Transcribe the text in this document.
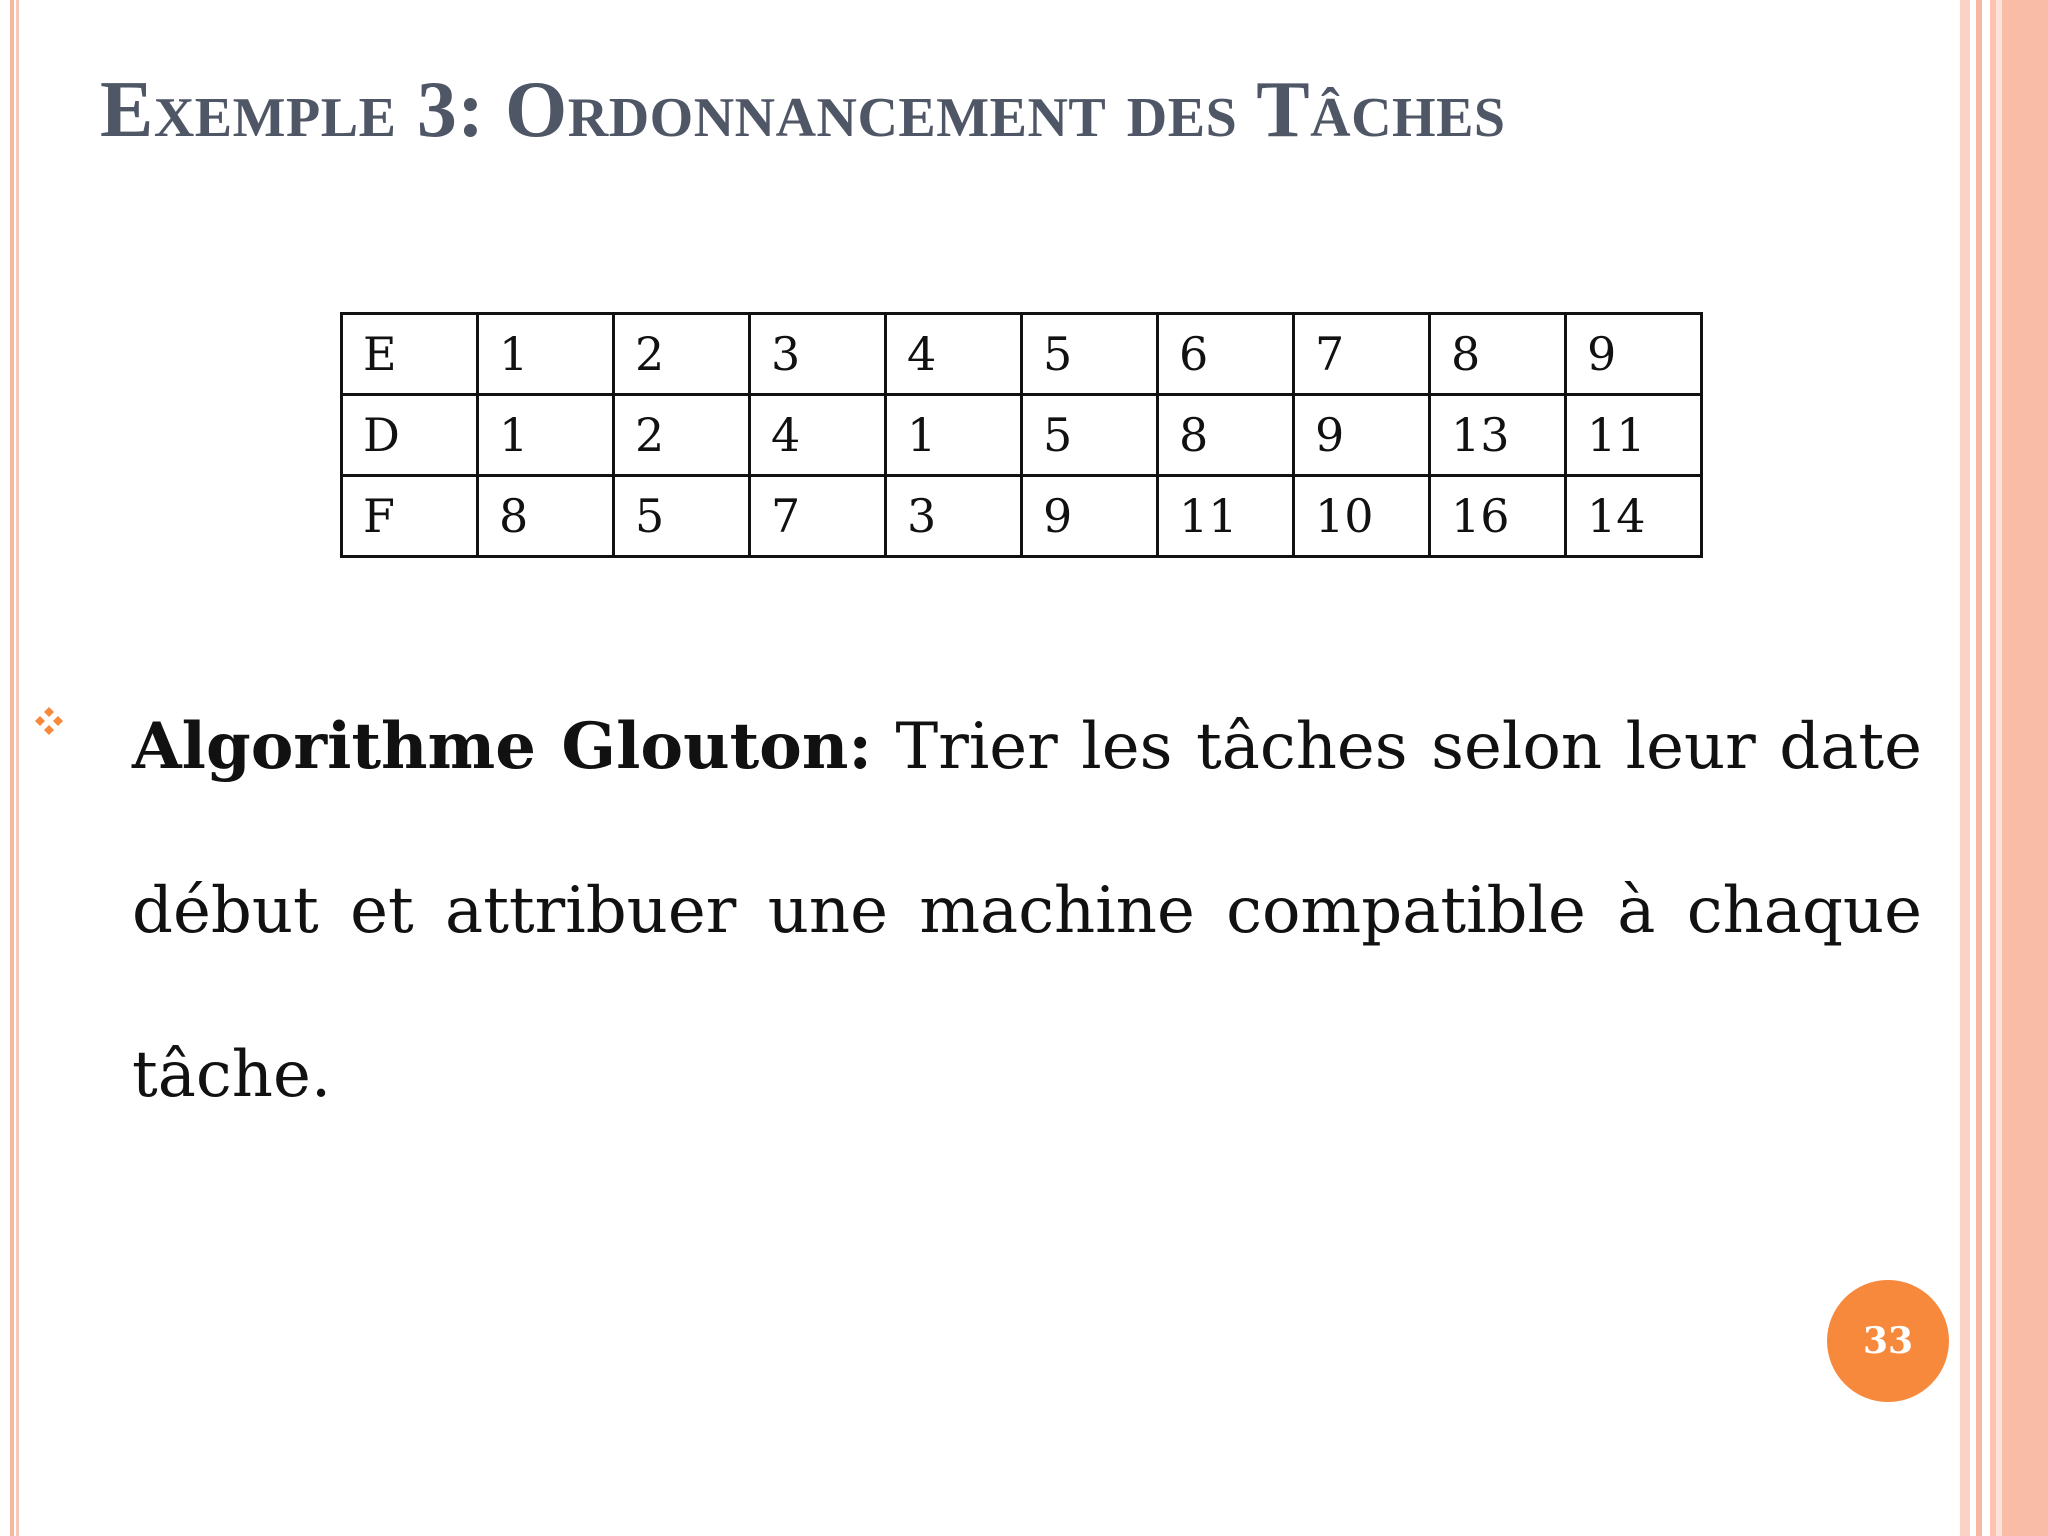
Exemple 3: Ordonnancement des Tâches
E	1	2	3	4	5	6	7	8	9
D	1	2	4	1	5	8	9	13	11
F	8	5	7	3	9	11	10	16	14

Algorithme Glouton: Trier les tâches selon leur date début et attribuer une machine compatible à chaque tâche.

33
